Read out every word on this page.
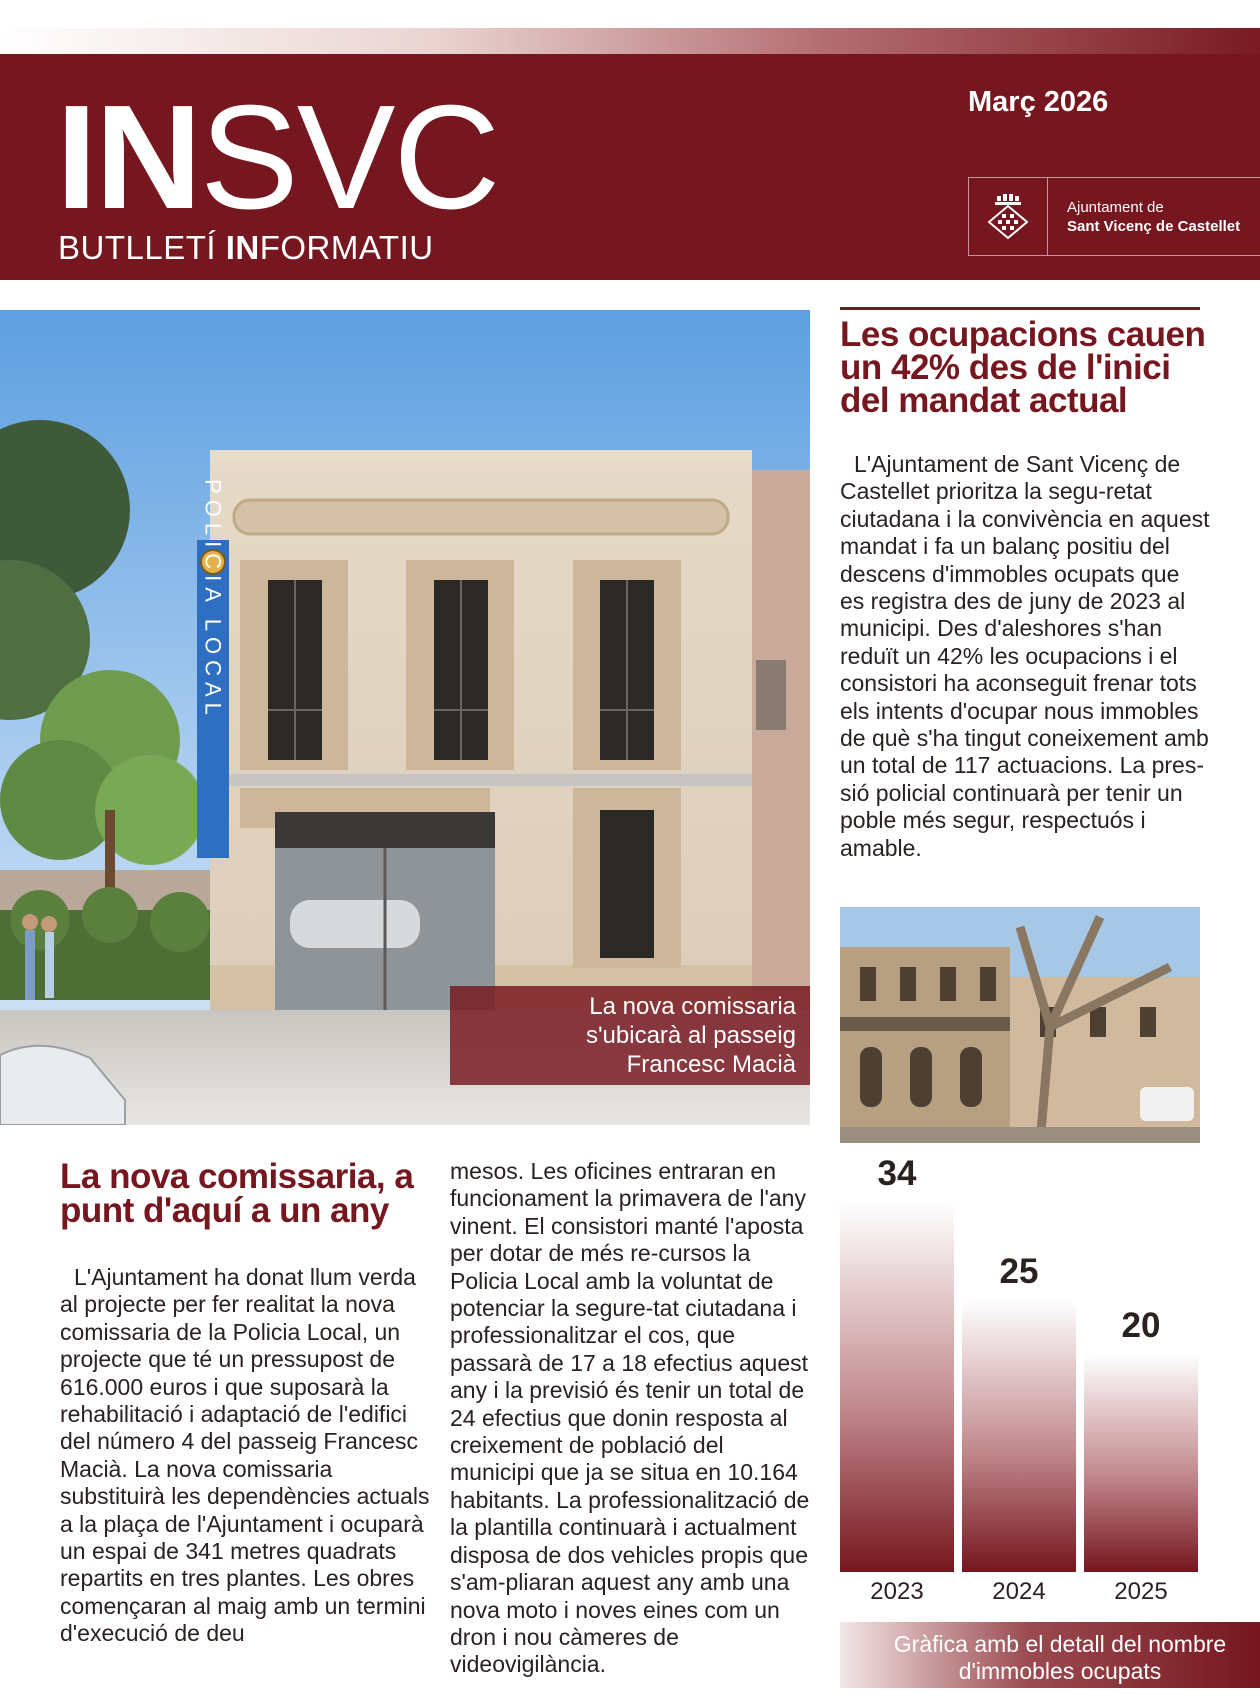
INSVC
BUTLLETÍ INFORMATIU
Març 2026
Ajuntament de
Sant Vicenç de Castellet
POLICIA LOCAL
La nova comissaria s'ubicarà al passeig Francesc Macià
Les ocupacions cauen un 42% des de l'inici del mandat actual
L'Ajuntament de Sant Vicenç de Castellet prioritza la segu-retat ciutadana i la convivència en aquest mandat i fa un balanç positiu del descens d'immobles ocupats que es registra des de juny de 2023 al municipi. Des d'aleshores s'han reduït un 42% les ocupacions i el consistori ha aconseguit frenar tots els intents d'ocupar nous immobles de què s'ha tingut coneixement amb un total de 117 actuacions. La pres-sió policial continuarà per tenir un poble més segur, respectuós i amable.
34
2023
25
2024
20
2025
Gràfica amb el detall del nombre d'immobles ocupats
La nova comissaria, a punt d'aquí a un any
L'Ajuntament ha donat llum verda al projecte per fer realitat la nova comissaria de la Policia Local, un projecte que té un pressupost de 616.000 euros i que suposarà la rehabilitació i adaptació de l'edifici del número 4 del passeig Francesc Macià. La nova comissaria substituirà les dependències actuals a la plaça de l'Ajuntament i ocuparà un espai de 341 metres quadrats repartits en tres plantes. Les obres començaran al maig amb un termini d'execució de deu
mesos. Les oficines entraran en funcionament la primavera de l'any vinent. El consistori manté l'aposta per dotar de més re-cursos la Policia Local amb la voluntat de potenciar la segure-tat ciutadana i professionalitzar el cos, que passarà de 17 a 18 efectius aquest any i la previsió és tenir un total de 24 efectius que donin resposta al creixement de població del municipi que ja se situa en 10.164 habitants. La professionalització de la plantilla continuarà i actualment disposa de dos vehicles propis que s'am-pliaran aquest any amb una nova moto i noves eines com un dron i nou càmeres de videovigilància.
